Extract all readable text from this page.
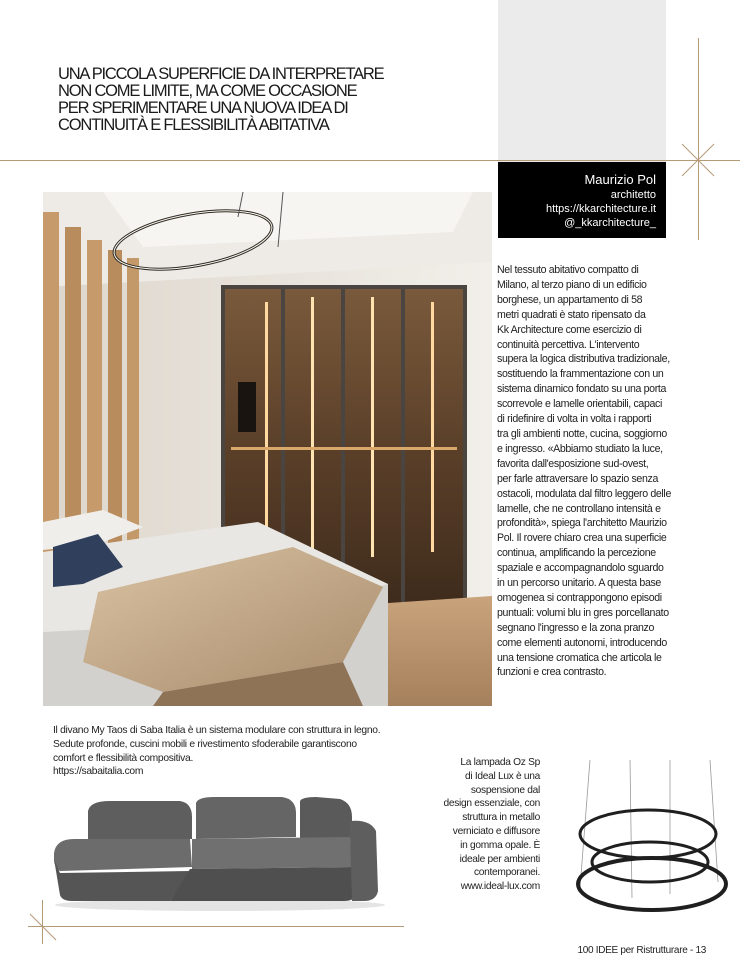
UNA PICCOLA SUPERFICIE DA INTERPRETARE
NON COME LIMITE, MA COME OCCASIONE
PER SPERIMENTARE UNA NUOVA IDEA DI
CONTINUITÀ E FLESSIBILITÀ ABITATIVA
Maurizio Pol
architetto
https://kkarchitecture.it
@_kkarchitecture_
Nel tessuto abitativo compatto di
Milano, al terzo piano di un edificio
borghese, un appartamento di 58
metri quadrati è stato ripensato da
Kk Architecture come esercizio di
continuità percettiva. L'intervento
supera la logica distributiva tradizionale,
sostituendo la frammentazione con un
sistema dinamico fondato su una porta
scorrevole e lamelle orientabili, capaci
di ridefinire di volta in volta i rapporti
tra gli ambienti notte, cucina, soggiorno
e ingresso. «Abbiamo studiato la luce,
favorita dall'esposizione sud-ovest,
per farle attraversare lo spazio senza
ostacoli, modulata dal filtro leggero delle
lamelle, che ne controllano intensità e
profondità», spiega l'architetto Maurizio
Pol. Il rovere chiaro crea una superficie
continua, amplificando la percezione
spaziale e accompagnandolo sguardo
in un percorso unitario. A questa base
omogenea si contrappongono episodi
puntuali: volumi blu in gres porcellanato
segnano l'ingresso e la zona pranzo
come elementi autonomi, introducendo
una tensione cromatica che articola le
funzioni e crea contrasto.
Il divano My Taos di Saba Italia è un sistema modulare con struttura in legno.
Sedute profonde, cuscini mobili e rivestimento sfoderabile garantiscono
comfort e flessibilità compositiva.
https://sabaitalia.com
La lampada Oz Sp
di Ideal Lux è una
sospensione dal
design essenziale, con
struttura in metallo
verniciato e diffusore
in gomma opale. È
ideale per ambienti
contemporanei.
www.ideal-lux.com
100 IDEE per Ristrutturare - 13
